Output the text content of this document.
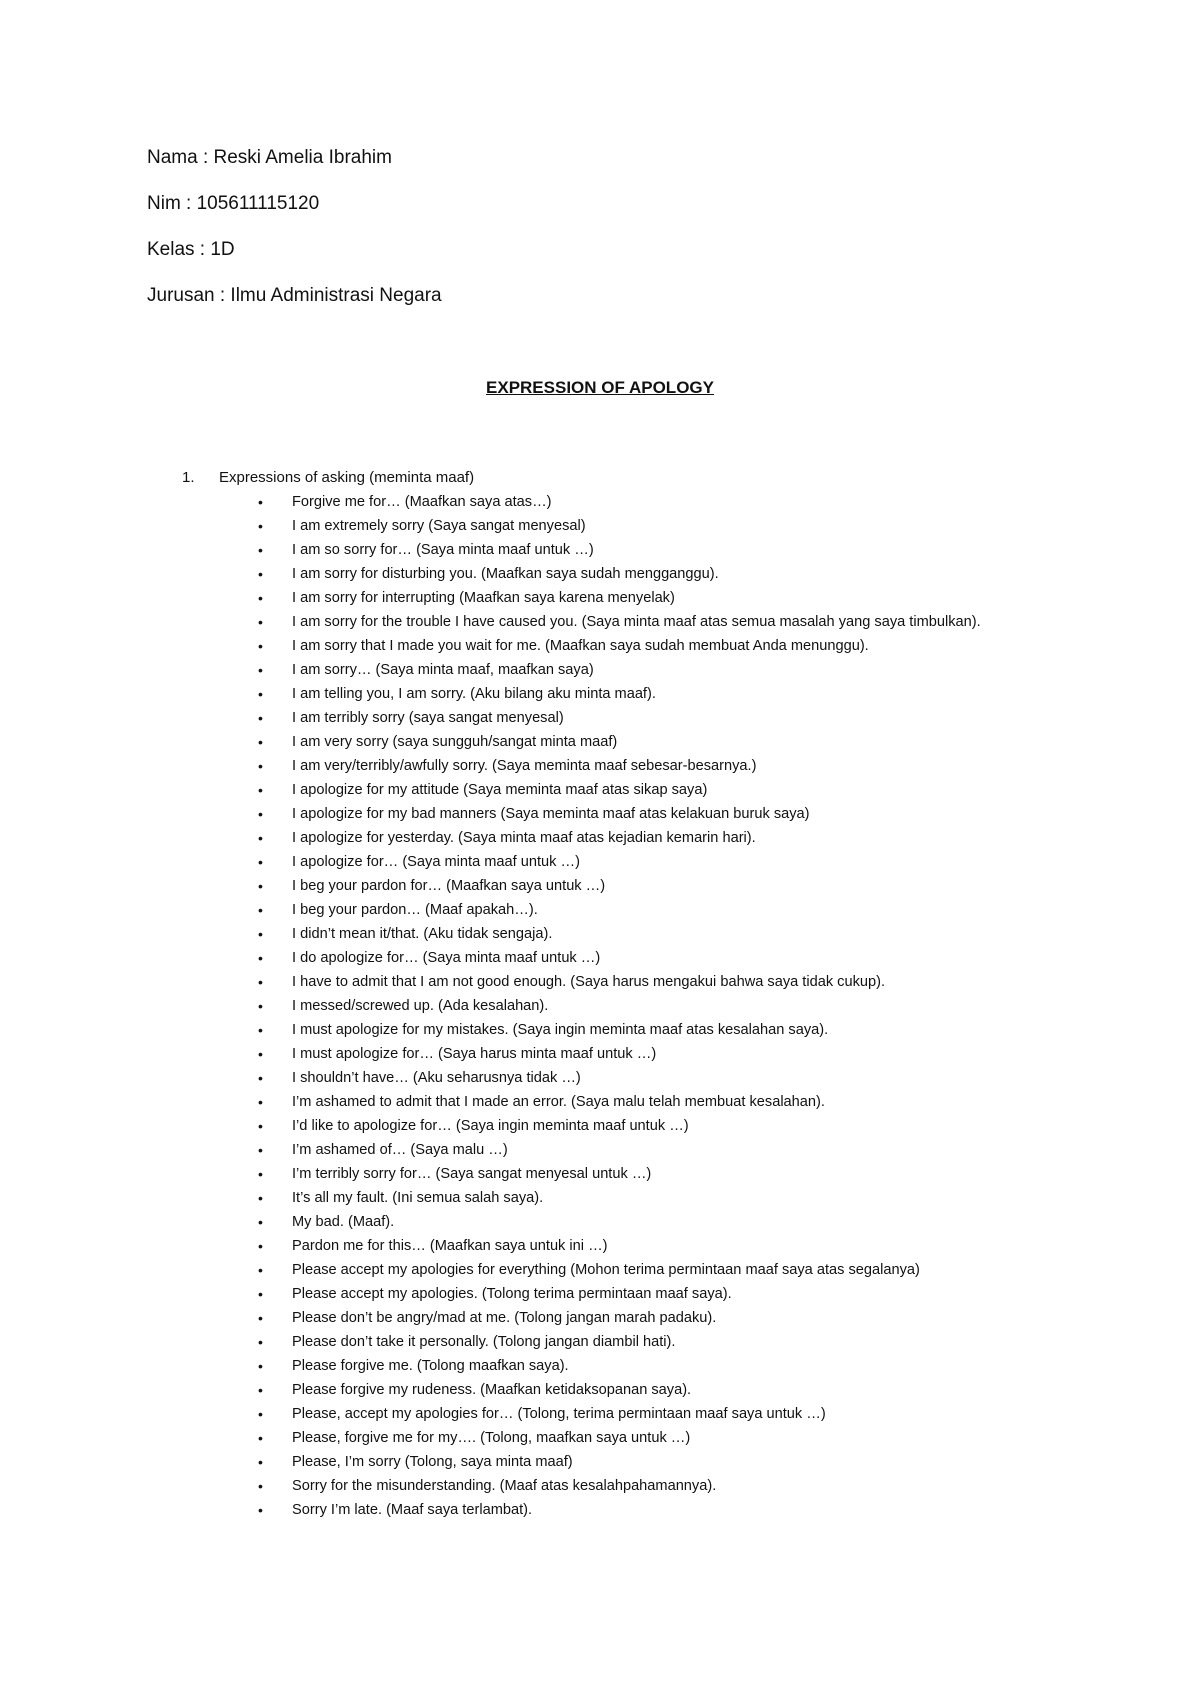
Nama : Reski Amelia Ibrahim
Nim : 105611115120
Kelas : 1D
Jurusan : Ilmu Administrasi Negara
EXPRESSION OF APOLOGY
1. Expressions of asking (meminta maaf)
• Forgive me for… (Maafkan saya atas…)
• I am extremely sorry (Saya sangat menyesal)
• I am so sorry for… (Saya minta maaf untuk …)
• I am sorry for disturbing you. (Maafkan saya sudah mengganggu).
• I am sorry for interrupting (Maafkan saya karena menyelak)
• I am sorry for the trouble I have caused you. (Saya minta maaf atas semua masalah yang saya timbulkan).
• I am sorry that I made you wait for me. (Maafkan saya sudah membuat Anda menunggu).
• I am sorry… (Saya minta maaf, maafkan saya)
• I am telling you, I am sorry. (Aku bilang aku minta maaf).
• I am terribly sorry (saya sangat menyesal)
• I am very sorry (saya sungguh/sangat minta maaf)
• I am very/terribly/awfully sorry. (Saya meminta maaf sebesar-besarnya.)
• I apologize for my attitude (Saya meminta maaf atas sikap saya)
• I apologize for my bad manners (Saya meminta maaf atas kelakuan buruk saya)
• I apologize for yesterday. (Saya minta maaf atas kejadian kemarin hari).
• I apologize for… (Saya minta maaf untuk …)
• I beg your pardon for… (Maafkan saya untuk …)
• I beg your pardon… (Maaf apakah…).
• I didn’t mean it/that. (Aku tidak sengaja).
• I do apologize for… (Saya minta maaf untuk …)
• I have to admit that I am not good enough. (Saya harus mengakui bahwa saya tidak cukup).
• I messed/screwed up. (Ada kesalahan).
• I must apologize for my mistakes. (Saya ingin meminta maaf atas kesalahan saya).
• I must apologize for… (Saya harus minta maaf untuk …)
• I shouldn’t have… (Aku seharusnya tidak …)
• I’m ashamed to admit that I made an error. (Saya malu telah membuat kesalahan).
• I’d like to apologize for… (Saya ingin meminta maaf untuk …)
• I’m ashamed of… (Saya malu …)
• I’m terribly sorry for… (Saya sangat menyesal untuk …)
• It’s all my fault. (Ini semua salah saya).
• My bad. (Maaf).
• Pardon me for this… (Maafkan saya untuk ini …)
• Please accept my apologies for everything (Mohon terima permintaan maaf saya atas segalanya)
• Please accept my apologies. (Tolong terima permintaan maaf saya).
• Please don’t be angry/mad at me. (Tolong jangan marah padaku).
• Please don’t take it personally. (Tolong jangan diambil hati).
• Please forgive me. (Tolong maafkan saya).
• Please forgive my rudeness. (Maafkan ketidaksopanan saya).
• Please, accept my apologies for… (Tolong, terima permintaan maaf saya untuk …)
• Please, forgive me for my…. (Tolong, maafkan saya untuk …)
• Please, I’m sorry (Tolong, saya minta maaf)
• Sorry for the misunderstanding. (Maaf atas kesalahpahamannya).
• Sorry I’m late. (Maaf saya terlambat).
